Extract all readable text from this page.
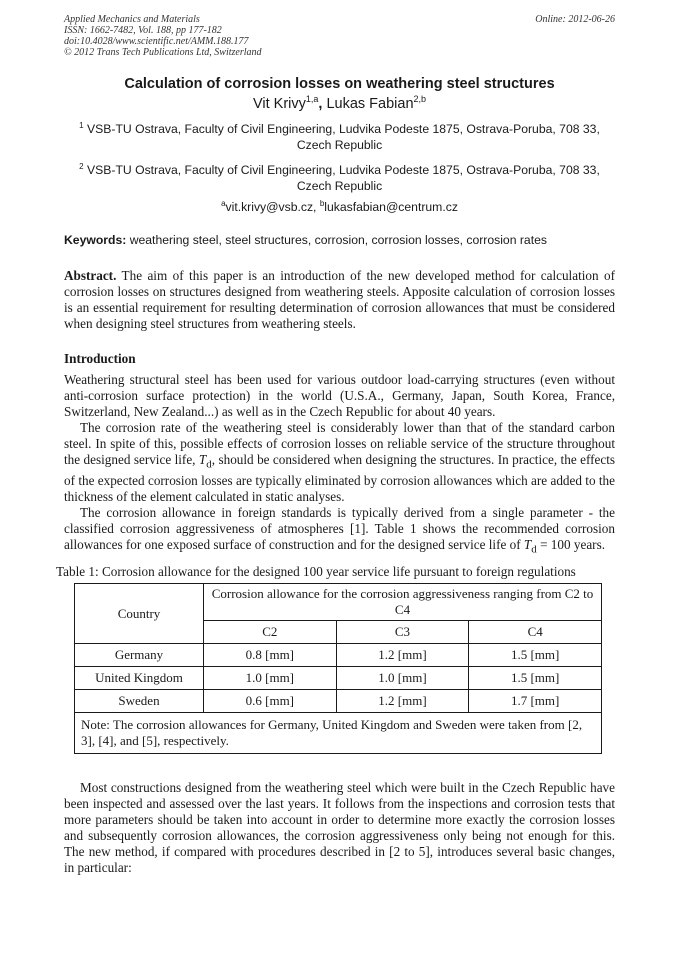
Applied Mechanics and Materials
ISSN: 1662-7482, Vol. 188, pp 177-182
doi:10.4028/www.scientific.net/AMM.188.177
© 2012 Trans Tech Publications Ltd, Switzerland
Online: 2012-06-26
Calculation of corrosion losses on weathering steel structures
Vit Krivy$^{1,a}$, Lukas Fabian$^{2,b}$
$^1$ VSB-TU Ostrava, Faculty of Civil Engineering, Ludvika Podeste 1875, Ostrava-Poruba, 708 33, Czech Republic
$^2$ VSB-TU Ostrava, Faculty of Civil Engineering, Ludvika Podeste 1875, Ostrava-Poruba, 708 33, Czech Republic
$^a$vit.krivy@vsb.cz, $^b$lukasfabian@centrum.cz
Keywords: weathering steel, steel structures, corrosion, corrosion losses, corrosion rates
Abstract. The aim of this paper is an introduction of the new developed method for calculation of corrosion losses on structures designed from weathering steels. Apposite calculation of corrosion losses is an essential requirement for resulting determination of corrosion allowances that must be considered when designing steel structures from weathering steels.
Introduction
Weathering structural steel has been used for various outdoor load-carrying structures (even without anti-corrosion surface protection) in the world (U.S.A., Germany, Japan, South Korea, France, Switzerland, New Zealand...) as well as in the Czech Republic for about 40 years.
The corrosion rate of the weathering steel is considerably lower than that of the standard carbon steel. In spite of this, possible effects of corrosion losses on reliable service of the structure throughout the designed service life, $T_d$, should be considered when designing the structures. In practice, the effects of the expected corrosion losses are typically eliminated by corrosion allowances which are added to the thickness of the element calculated in static analyses.
The corrosion allowance in foreign standards is typically derived from a single parameter - the classified corrosion aggressiveness of atmospheres [1]. Table 1 shows the recommended corrosion allowances for one exposed surface of construction and for the designed service life of $T_d = 100$ years.
Table 1: Corrosion allowance for the designed 100 year service life pursuant to foreign regulations
Country	Corrosion allowance for the corrosion aggressiveness ranging from C2 to C4		
	C2	C3	C4
Germany	0.8 [mm]	1.2 [mm]	1.5 [mm]
United Kingdom	1.0 [mm]	1.0 [mm]	1.5 [mm]
Sweden	0.6 [mm]	1.2 [mm]	1.7 [mm]
Note: The corrosion allowances for Germany, United Kingdom and Sweden were taken from [2, 3], [4], and [5], respectively.			
Most constructions designed from the weathering steel which were built in the Czech Republic have been inspected and assessed over the last years. It follows from the inspections and corrosion tests that more parameters should be taken into account in order to determine more exactly the corrosion losses and subsequently corrosion allowances, the corrosion aggressiveness only being not enough for this. The new method, if compared with procedures described in [2 to 5], introduces several basic changes, in particular:
